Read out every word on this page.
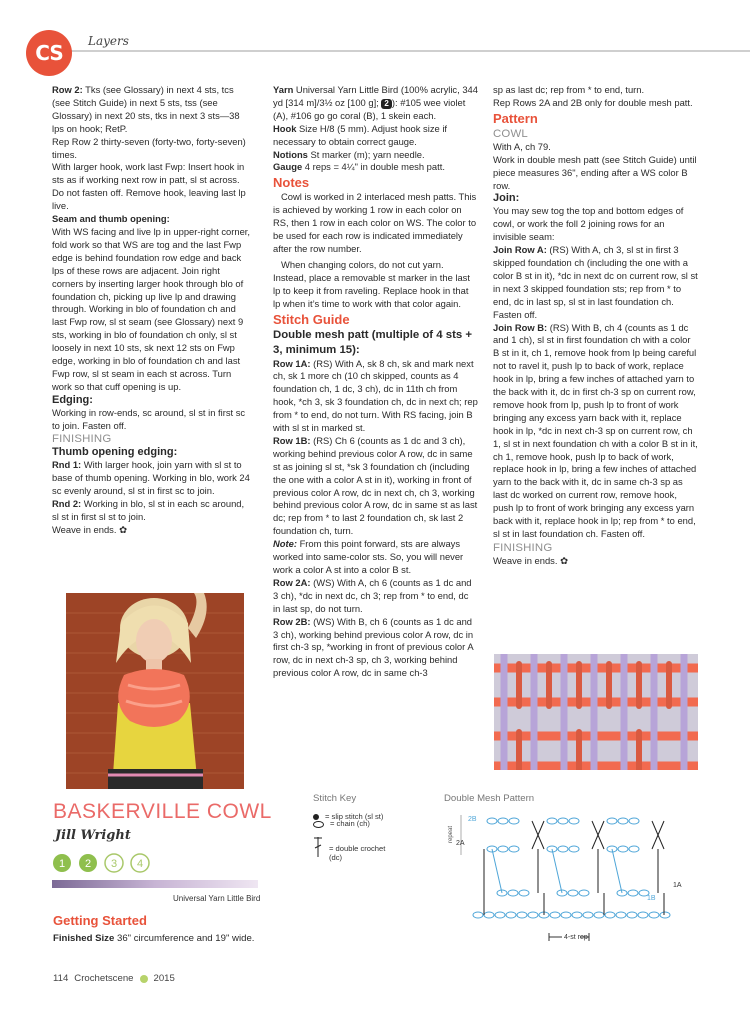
CS	Layers

Row 2: Tks (see Glossary) in next 4 sts, tcs (see Stitch Guide) in next 5 sts, tss (see Glossary) in next 20 sts, tks in next 3 sts—38 lps on hook; RetP.

Rep Row 2 thirty-seven (forty-two, forty-seven) times.

With larger hook, work last Fwp: Insert hook in sts as if working next row in patt, sl st across. Do not fasten off. Remove hook, leaving last lp live.

Seam and thumb opening:

With WS facing and live lp in upper-right corner, fold work so that WS are tog and the last Fwp edge is behind foundation row edge and back lps of these rows are adjacent. Join right corners by inserting larger hook through blo of foundation ch, picking up live lp and drawing through. Working in blo of foundation ch and last Fwp row, sl st seam (see Glossary) next 9 sts, working in blo of foundation ch only, sl st loosely in next 10 sts, sk next 12 sts on Fwp edge, working in blo of foundation ch and last Fwp row, sl st seam in each st across. Turn work so that cuff opening is up.

Edging:

Working in row-ends, sc around, sl st in first sc to join. Fasten off.

FINISHING

Thumb opening edging:

Rnd 1: With larger hook, join yarn with sl st to base of thumb opening. Working in blo, work 24 sc evenly around, sl st in first sc to join.

Rnd 2: Working in blo, sl st in each sc around, sl st in first sl st to join.

Weave in ends. ✿

Yarn Universal Yarn Little Bird (100% acrylic, 344 yd [314 m]/3½ oz [100 g]; 2 ): #105 wee violet (A), #106 go go coral (B), 1 skein each.

Hook Size H/8 (5 mm). Adjust hook size if necessary to obtain correct gauge.

Notions St marker (m); yarn needle.

Gauge 4 reps = 4¼" in double mesh patt.

Notes

Cowl is worked in 2 interlaced mesh patts. This is achieved by working 1 row in each color on RS, then 1 row in each color on WS. The color to be used for each row is indicated immediately after the row number.

When changing colors, do not cut yarn. Instead, place a removable st marker in the last lp to keep it from raveling. Replace hook in that lp when it’s time to work with that color again.

Stitch Guide

Double mesh patt (multiple of 4 sts + 3, minimum 15):

Row 1A: (RS) With A, sk 8 ch, sk and mark next ch, sk 1 more ch (10 ch skipped, counts as 4 foundation ch, 1 dc, 3 ch), dc in 11th ch from hook, *ch 3, sk 3 foundation ch, dc in next ch; rep from * to end, do not turn. With RS facing, join B with sl st in marked st.

Row 1B: (RS) Ch 6 (counts as 1 dc and 3 ch), working behind previous color A row, dc in same st as joining sl st, *sk 3 foundation ch (including the one with a color A st in it), working in front of previous color A row, dc in next ch, ch 3, working behind previous color A row, dc in same st as last dc; rep from * to last 2 foundation ch, sk last 2 foundation ch, turn.

Note: From this point forward, sts are always worked into same-color sts. So, you will never work a color A st into a color B st.

Row 2A: (WS) With A, ch 6 (counts as 1 dc and 3 ch), *dc in next dc, ch 3; rep from * to end, dc in last sp, do not turn.

Row 2B: (WS) With B, ch 6 (counts as 1 dc and 3 ch), working behind previous color A row, dc in first ch-3 sp, *working in front of previous color A row, dc in next ch-3 sp, ch 3, working behind previous color A row, dc in same ch-3

sp as last dc; rep from * to end, turn.

Rep Rows 2A and 2B only for double mesh patt.

Pattern

COWL

With A, ch 79.

Work in double mesh patt (see Stitch Guide) until piece measures 36", ending after a WS color B row.

Join:

You may sew tog the top and bottom edges of cowl, or work the foll 2 joining rows for an invisible seam:

Join Row A: (RS) With A, ch 3, sl st in first 3 skipped foundation ch (including the one with a color B st in it), *dc in next dc on current row, sl st in next 3 skipped foundation sts; rep from * to end, dc in last sp, sl st in last foundation ch. Fasten off.

Join Row B: (RS) With B, ch 4 (counts as 1 dc and 1 ch), sl st in first foundation ch with a color B st in it, ch 1, remove hook from lp being careful not to ravel it, push lp to back of work, replace hook in lp, bring a few inches of attached yarn to the back with it, dc in first ch-3 sp on current row, remove hook from lp, push lp to front of work bringing any excess yarn back with it, replace hook in lp, *dc in next ch-3 sp on current row, ch 1, sl st in next foundation ch with a color B st in it, ch 1, remove hook, push lp to back of work, replace hook in lp, bring a few inches of attached yarn to the back with it, dc in same ch-3 sp as last dc worked on current row, remove hook, push lp to front of work bringing any excess yarn back with it, replace hook in lp; rep from * to end, sl st in last foundation ch. Fasten off.

FINISHING

Weave in ends. ✿

BASKERVILLE COWL
Jill Wright
1 2 3 4
Universal Yarn Little Bird
Getting Started
Finished Size 36" circumference and 19" wide.
Stitch Key
= slip stitch (sl st)
= chain (ch)
= double crochet (dc)
Double Mesh Pattern
repeat
2B
2A
1A
1B
4-st rep
114 Crochetscene 2015
